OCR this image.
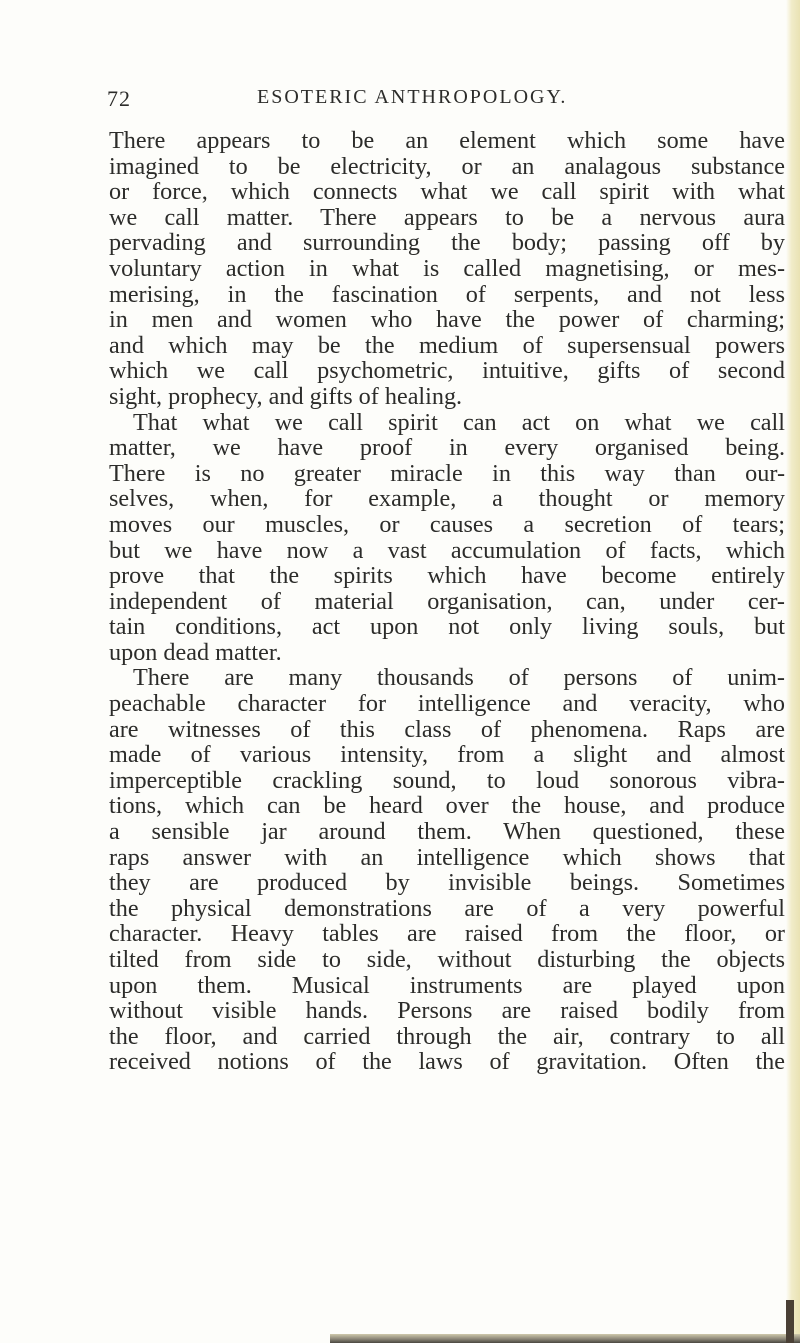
72	ESOTERIC ANTHROPOLOGY.
There appears to be an element which some have
imagined to be electricity, or an analagous substance
or force, which connects what we call spirit with what
we call matter. There appears to be a nervous aura
pervading and surrounding the body; passing off by
voluntary action in what is called magnetising, or mes-
merising, in the fascination of serpents, and not less
in men and women who have the power of charming;
and which may be the medium of supersensual powers
which we call psychometric, intuitive, gifts of second
sight, prophecy, and gifts of healing.
That what we call spirit can act on what we call
matter, we have proof in every organised being.
There is no greater miracle in this way than our-
selves, when, for example, a thought or memory
moves our muscles, or causes a secretion of tears;
but we have now a vast accumulation of facts, which
prove that the spirits which have become entirely
independent of material organisation, can, under cer-
tain conditions, act upon not only living souls, but
upon dead matter.
There are many thousands of persons of unim-
peachable character for intelligence and veracity, who
are witnesses of this class of phenomena. Raps are
made of various intensity, from a slight and almost
imperceptible crackling sound, to loud sonorous vibra-
tions, which can be heard over the house, and produce
a sensible jar around them. When questioned, these
raps answer with an intelligence which shows that
they are produced by invisible beings. Sometimes
the physical demonstrations are of a very powerful
character. Heavy tables are raised from the floor, or
tilted from side to side, without disturbing the objects
upon them. Musical instruments are played upon
without visible hands. Persons are raised bodily from
the floor, and carried through the air, contrary to all
received notions of the laws of gravitation. Often the
